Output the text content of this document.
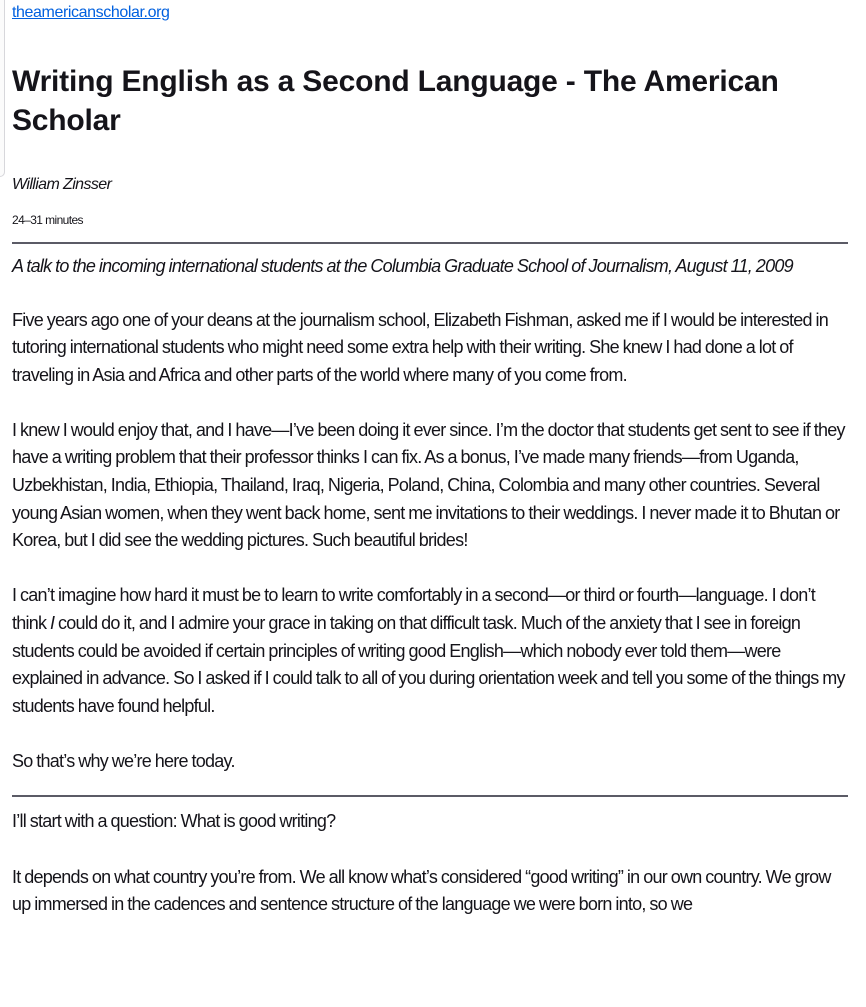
theamericanscholar.org
Writing English as a Second Language - The American Scholar
William Zinsser
24–31 minutes

A talk to the incoming international students at the Columbia Graduate School of Journalism, August 11, 2009

Five years ago one of your deans at the journalism school, Elizabeth Fishman, asked me if I would be interested in tutoring international students who might need some extra help with their writing. She knew I had done a lot of traveling in Asia and Africa and other parts of the world where many of you come from.

I knew I would enjoy that, and I have—I’ve been doing it ever since. I’m the doctor that students get sent to see if they have a writing problem that their professor thinks I can fix. As a bonus, I’ve made many friends—from Uganda, Uzbekhistan, India, Ethiopia, Thailand, Iraq, Nigeria, Poland, China, Colombia and many other countries. Several young Asian women, when they went back home, sent me invitations to their weddings. I never made it to Bhutan or Korea, but I did see the wedding pictures. Such beautiful brides!

I can’t imagine how hard it must be to learn to write comfortably in a second—or third or fourth—language. I don’t think I could do it, and I admire your grace in taking on that difficult task. Much of the anxiety that I see in foreign students could be avoided if certain principles of writing good English—which nobody ever told them—were explained in advance. So I asked if I could talk to all of you during orientation week and tell you some of the things my students have found helpful.

So that’s why we’re here today.

I’ll start with a question: What is good writing?

It depends on what country you’re from. We all know what’s considered “good writing” in our own country. We grow up immersed in the cadences and sentence structure of the language we were born into, so we
